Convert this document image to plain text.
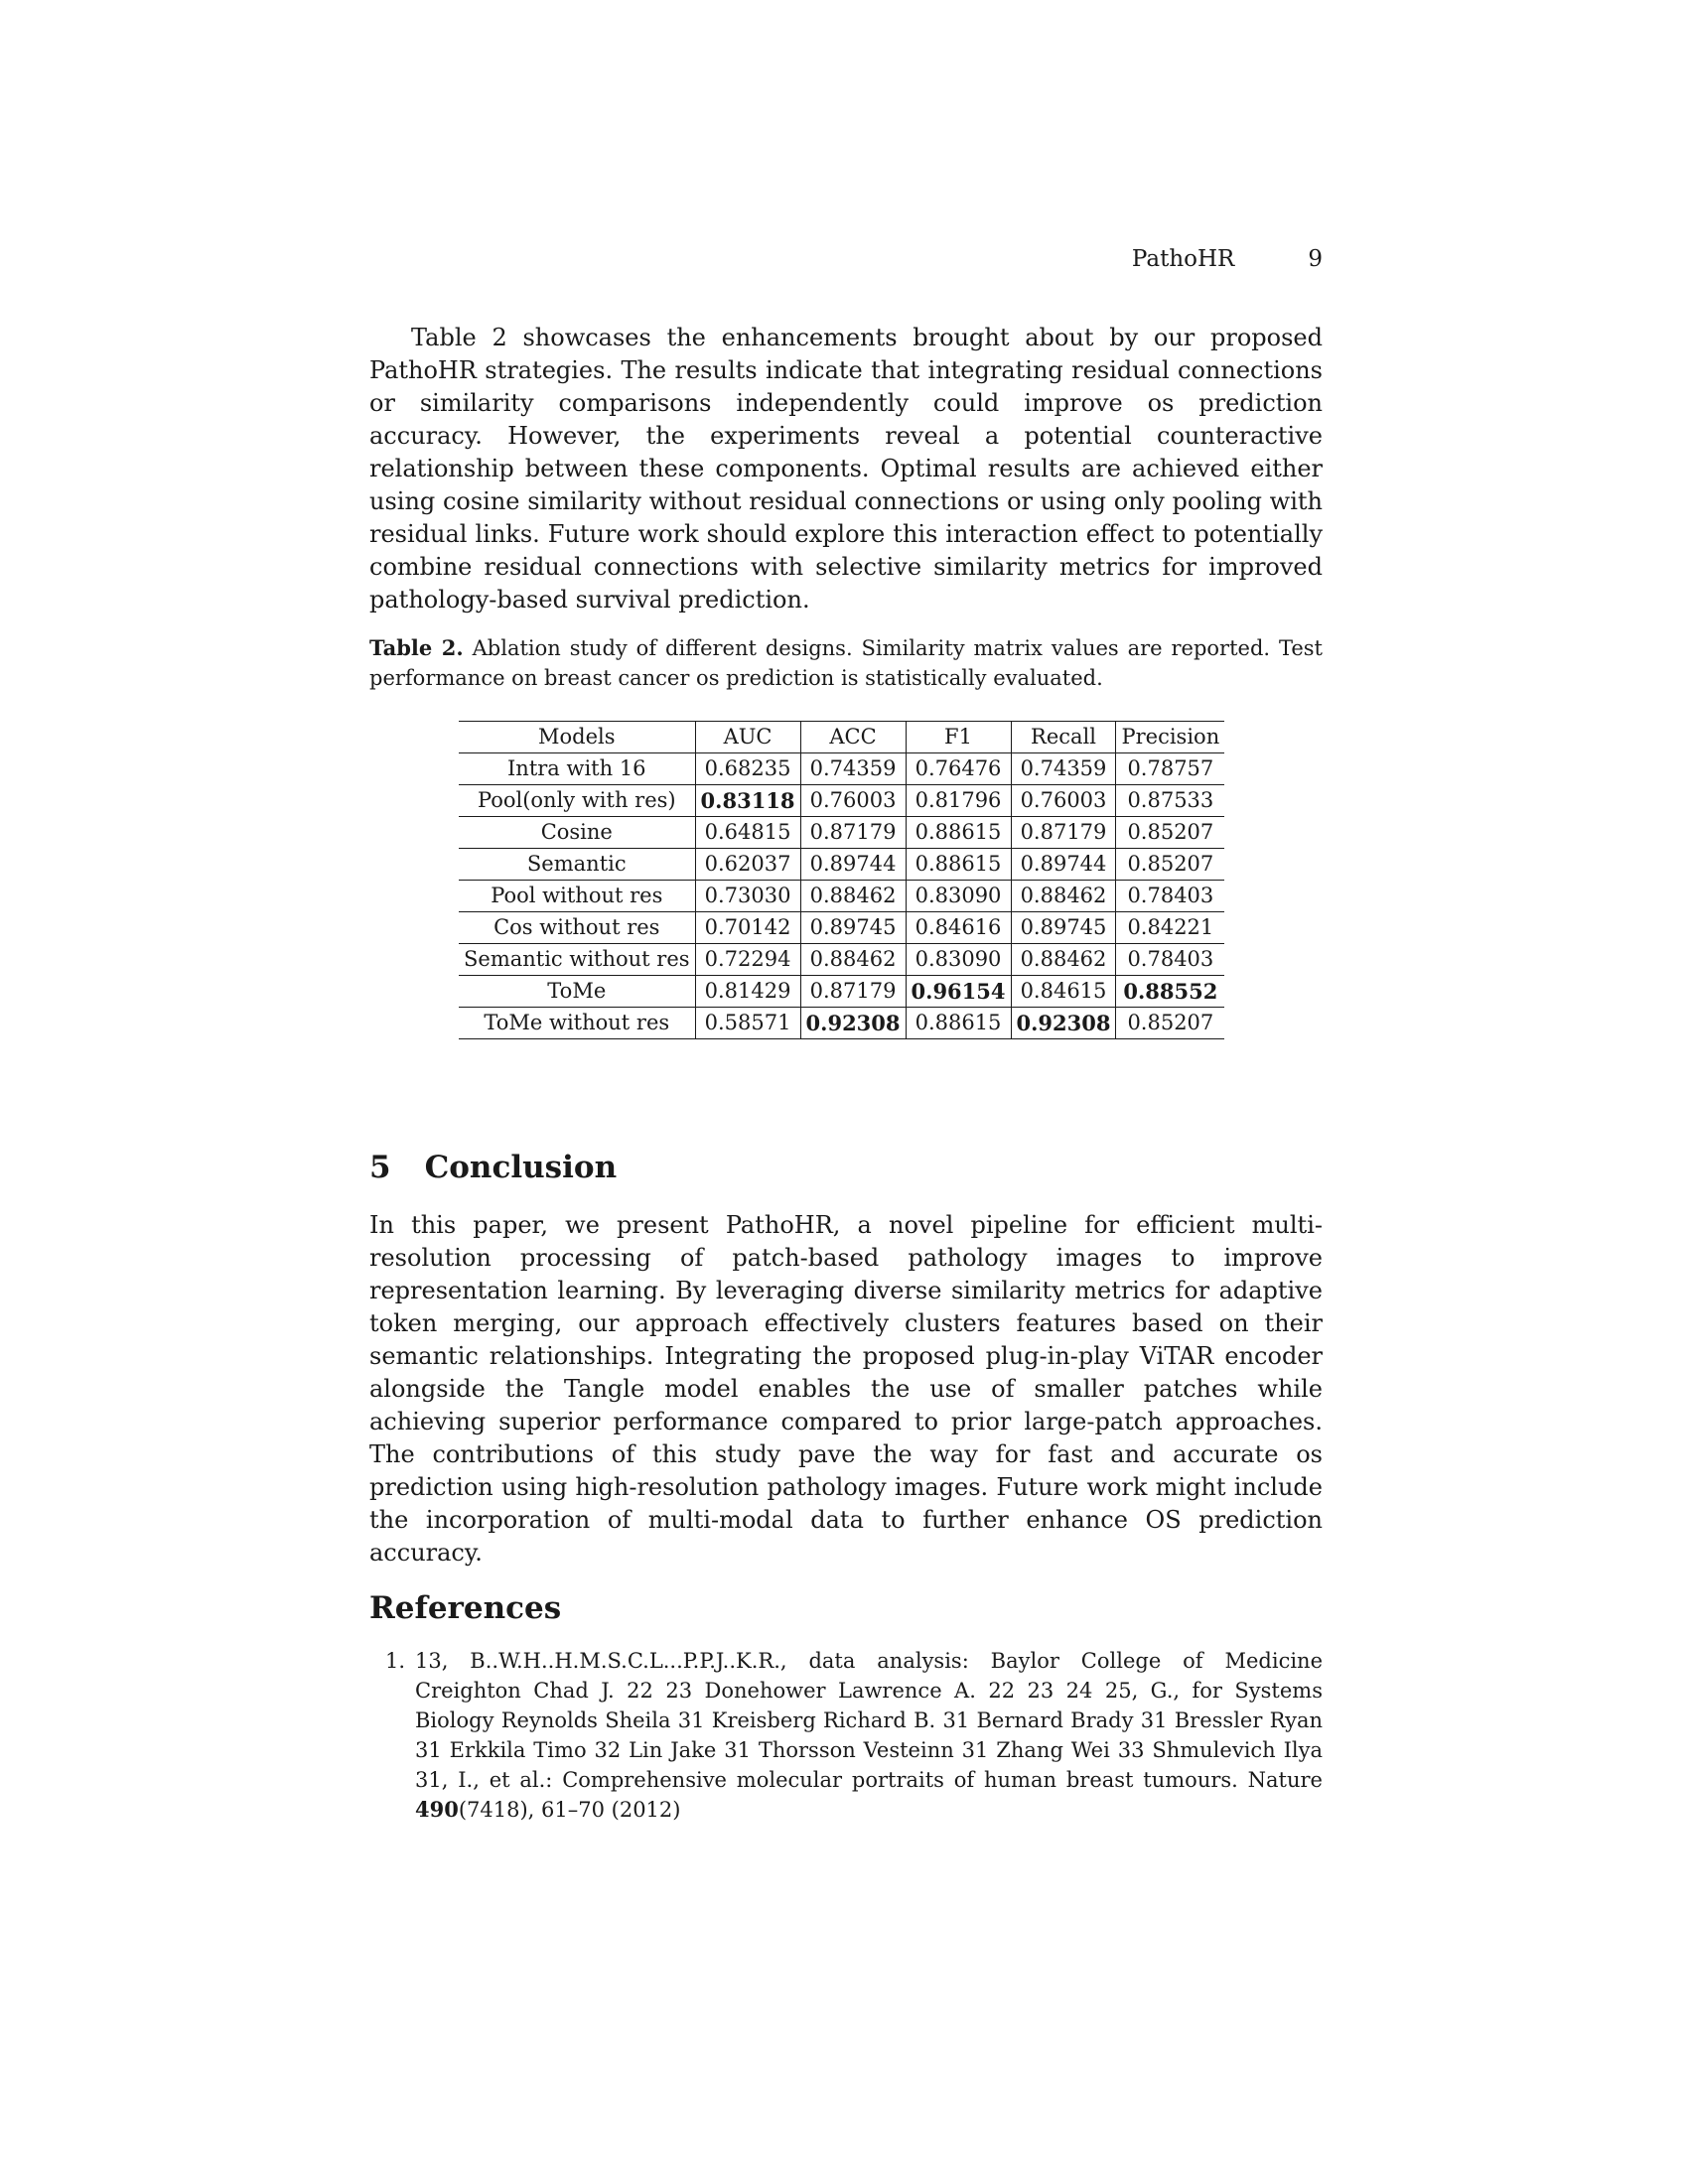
PathoHR	9

Table 2 showcases the enhancements brought about by our proposed PathoHR strategies. The results indicate that integrating residual connections or similarity comparisons independently could improve os prediction accuracy. However, the experiments reveal a potential counteractive relationship between these components. Optimal results are achieved either using cosine similarity without residual connections or using only pooling with residual links. Future work should explore this interaction effect to potentially combine residual connections with selective similarity metrics for improved pathology-based survival prediction.

Table 2. Ablation study of different designs. Similarity matrix values are reported. Test performance on breast cancer os prediction is statistically evaluated.
Models	AUC	ACC	F1	Recall	Precision
Intra with 16	0.68235	0.74359	0.76476	0.74359	0.78757
Pool(only with res)	0.83118	0.76003	0.81796	0.76003	0.87533
Cosine	0.64815	0.87179	0.88615	0.87179	0.85207
Semantic	0.62037	0.89744	0.88615	0.89744	0.85207
Pool without res	0.73030	0.88462	0.83090	0.88462	0.78403
Cos without res	0.70142	0.89745	0.84616	0.89745	0.84221
Semantic without res	0.72294	0.88462	0.83090	0.88462	0.78403
ToMe	0.81429	0.87179	0.96154	0.84615	0.88552
ToMe without res	0.58571	0.92308	0.88615	0.92308	0.85207
5 Conclusion

In this paper, we present PathoHR, a novel pipeline for efficient multi-resolution processing of patch-based pathology images to improve representation learning. By leveraging diverse similarity metrics for adaptive token merging, our approach effectively clusters features based on their semantic relationships. Integrating the proposed plug-in-play ViTAR encoder alongside the Tangle model enables the use of smaller patches while achieving superior performance compared to prior large-patch approaches. The contributions of this study pave the way for fast and accurate os prediction using high-resolution pathology images. Future work might include the incorporation of multi-modal data to further enhance OS prediction accuracy.

References
1. 13, B..W.H..H.M.S.C.L...P.P.J..K.R., data analysis: Baylor College of Medicine Creighton Chad J. 22 23 Donehower Lawrence A. 22 23 24 25, G., for Systems Biology Reynolds Sheila 31 Kreisberg Richard B. 31 Bernard Brady 31 Bressler Ryan 31 Erkkila Timo 32 Lin Jake 31 Thorsson Vesteinn 31 Zhang Wei 33 Shmulevich Ilya 31, I., et al.: Comprehensive molecular portraits of human breast tumours. Nature 490(7418), 61–70 (2012)
